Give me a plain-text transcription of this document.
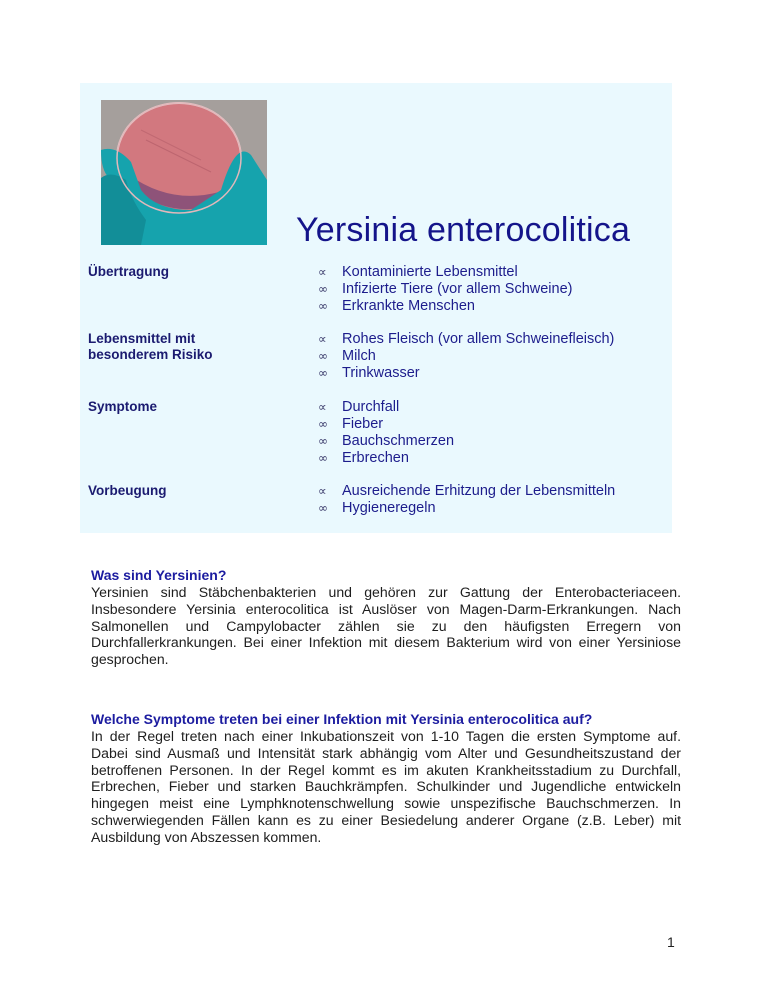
Yersinia enterocolitica
Übertragung	∝	Kontaminierte Lebensmittel
∞ Infizierte Tiere (vor allem Schweine)
∞ Erkrankte Menschen
Lebensmittel mit besonderem Risiko
∝	Rohes Fleisch (vor allem Schweinefleisch)
∞ Milch
∞ Trinkwasser
Symptome	∝	Durchfall
∞ Fieber
∞ Bauchschmerzen
∞ Erbrechen
Vorbeugung	∝	Ausreichende Erhitzung der Lebensmitteln
∞ Hygieneregeln
Was sind Yersinien?

Yersinien sind Stäbchenbakterien und gehören zur Gattung der Enterobacteriaceen. Insbesondere Yersinia enterocolitica ist Auslöser von Magen-Darm-Erkrankungen. Nach Salmonellen und Campylobacter zählen sie zu den häufigsten Erregern von Durchfallerkrankungen. Bei einer Infektion mit diesem Bakterium wird von einer Yersiniose gesprochen.

Welche Symptome treten bei einer Infektion mit Yersinia enterocolitica auf?

In der Regel treten nach einer Inkubationszeit von 1-10 Tagen die ersten Symptome auf. Dabei sind Ausmaß und Intensität stark abhängig vom Alter und Gesundheitszustand der betroffenen Personen. In der Regel kommt es im akuten Krankheitsstadium zu Durchfall, Erbrechen, Fieber und starken Bauchkrämpfen. Schulkinder und Jugendliche entwickeln hingegen meist eine Lymphknotenschwellung sowie unspezifische Bauchschmerzen. In schwerwiegenden Fällen kann es zu einer Besiedelung anderer Organe (z.B. Leber) mit Ausbildung von Abszessen kommen.

1
